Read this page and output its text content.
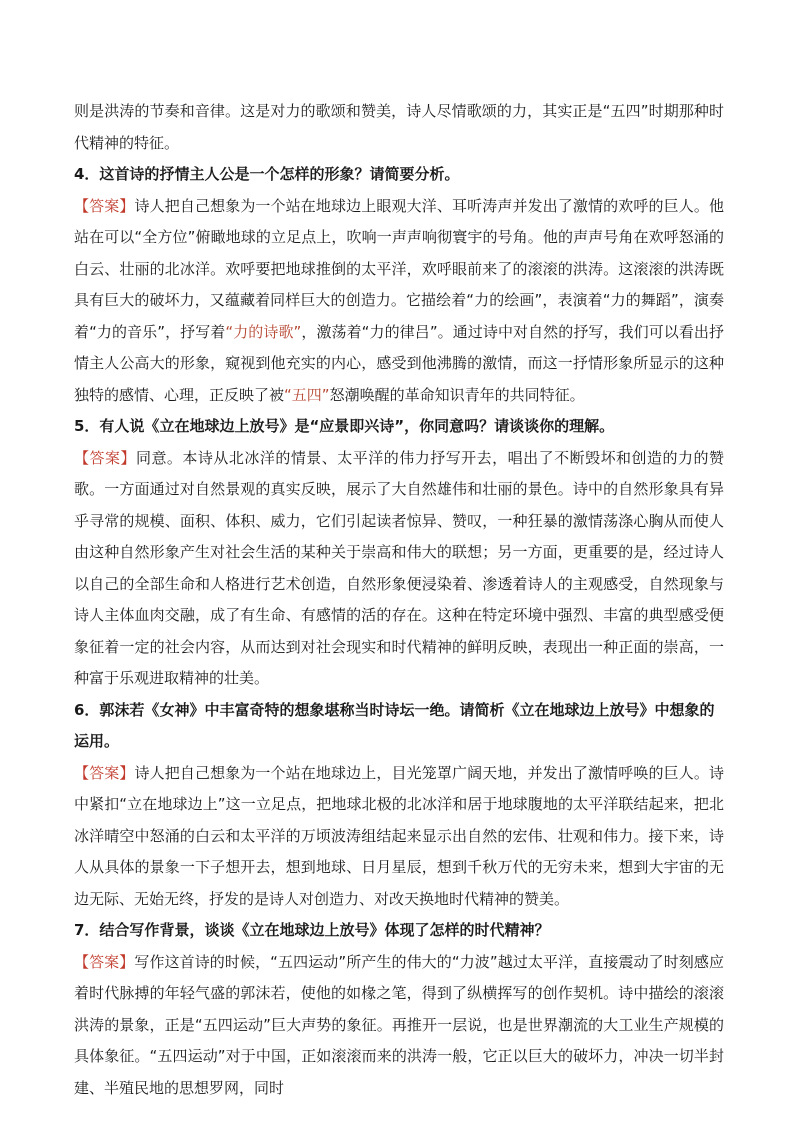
则是洪涛的节奏和音律。这是对力的歌颂和赞美，诗人尽情歌颂的力，其实正是“五四”时期那种时代精神的特征。

4．这首诗的抒情主人公是一个怎样的形象？请简要分析。

【答案】诗人把自己想象为一个站在地球边上眼观大洋、耳听涛声并发出了激情的欢呼的巨人。他站在可以“全方位”俯瞰地球的立足点上，吹响一声声响彻寰宇的号角。他的声声号角在欢呼怒涌的白云、壮丽的北冰洋。欢呼要把地球推倒的太平洋，欢呼眼前来了的滚滚的洪涛。这滚滚的洪涛既具有巨大的破坏力，又蕴藏着同样巨大的创造力。它描绘着“力的绘画”，表演着“力的舞蹈”，演奏着“力的音乐”，抒写着“力的诗歌”，激荡着“力的律吕”。通过诗中对自然的抒写，我们可以看出抒情主人公高大的形象，窥视到他充实的内心，感受到他沸腾的激情，而这一抒情形象所显示的这种独特的感情、心理，正反映了被“五四”怒潮唤醒的革命知识青年的共同特征。

5．有人说《立在地球边上放号》是“应景即兴诗”，你同意吗？请谈谈你的理解。

【答案】同意。本诗从北冰洋的情景、太平洋的伟力抒写开去，唱出了不断毁坏和创造的力的赞歌。一方面通过对自然景观的真实反映，展示了大自然雄伟和壮丽的景色。诗中的自然形象具有异乎寻常的规模、面积、体积、威力，它们引起读者惊异、赞叹，一种狂暴的激情荡涤心胸从而使人由这种自然形象产生对社会生活的某种关于崇高和伟大的联想；另一方面，更重要的是，经过诗人以自己的全部生命和人格进行艺术创造，自然形象便浸染着、渗透着诗人的主观感受，自然现象与诗人主体血肉交融，成了有生命、有感情的活的存在。这种在特定环境中强烈、丰富的典型感受便象征着一定的社会内容，从而达到对社会现实和时代精神的鲜明反映，表现出一种正面的崇高，一种富于乐观进取精神的壮美。

6．郭沫若《女神》中丰富奇特的想象堪称当时诗坛一绝。请简析《立在地球边上放号》中想象的运用。

【答案】诗人把自己想象为一个站在地球边上，目光笼罩广阔天地，并发出了激情呼唤的巨人。诗中紧扣“立在地球边上”这一立足点，把地球北极的北冰洋和居于地球腹地的太平洋联结起来，把北冰洋晴空中怒涌的白云和太平洋的万顷波涛组结起来显示出自然的宏伟、壮观和伟力。接下来，诗人从具体的景象一下子想开去，想到地球、日月星辰，想到千秋万代的无穷未来，想到大宇宙的无边无际、无始无终，抒发的是诗人对创造力、对改天换地时代精神的赞美。

7．结合写作背景，谈谈《立在地球边上放号》体现了怎样的时代精神？

【答案】写作这首诗的时候，“五四运动”所产生的伟大的“力波”越过太平洋，直接震动了时刻感应着时代脉搏的年轻气盛的郭沫若，使他的如椽之笔，得到了纵横挥写的创作契机。诗中描绘的滚滚洪涛的景象，正是“五四运动”巨大声势的象征。再推开一层说，也是世界潮流的大工业生产规模的具体象征。“五四运动”对于中国，正如滚滚而来的洪涛一般，它正以巨大的破坏力，冲决一切半封建、半殖民地的思想罗网，同时
